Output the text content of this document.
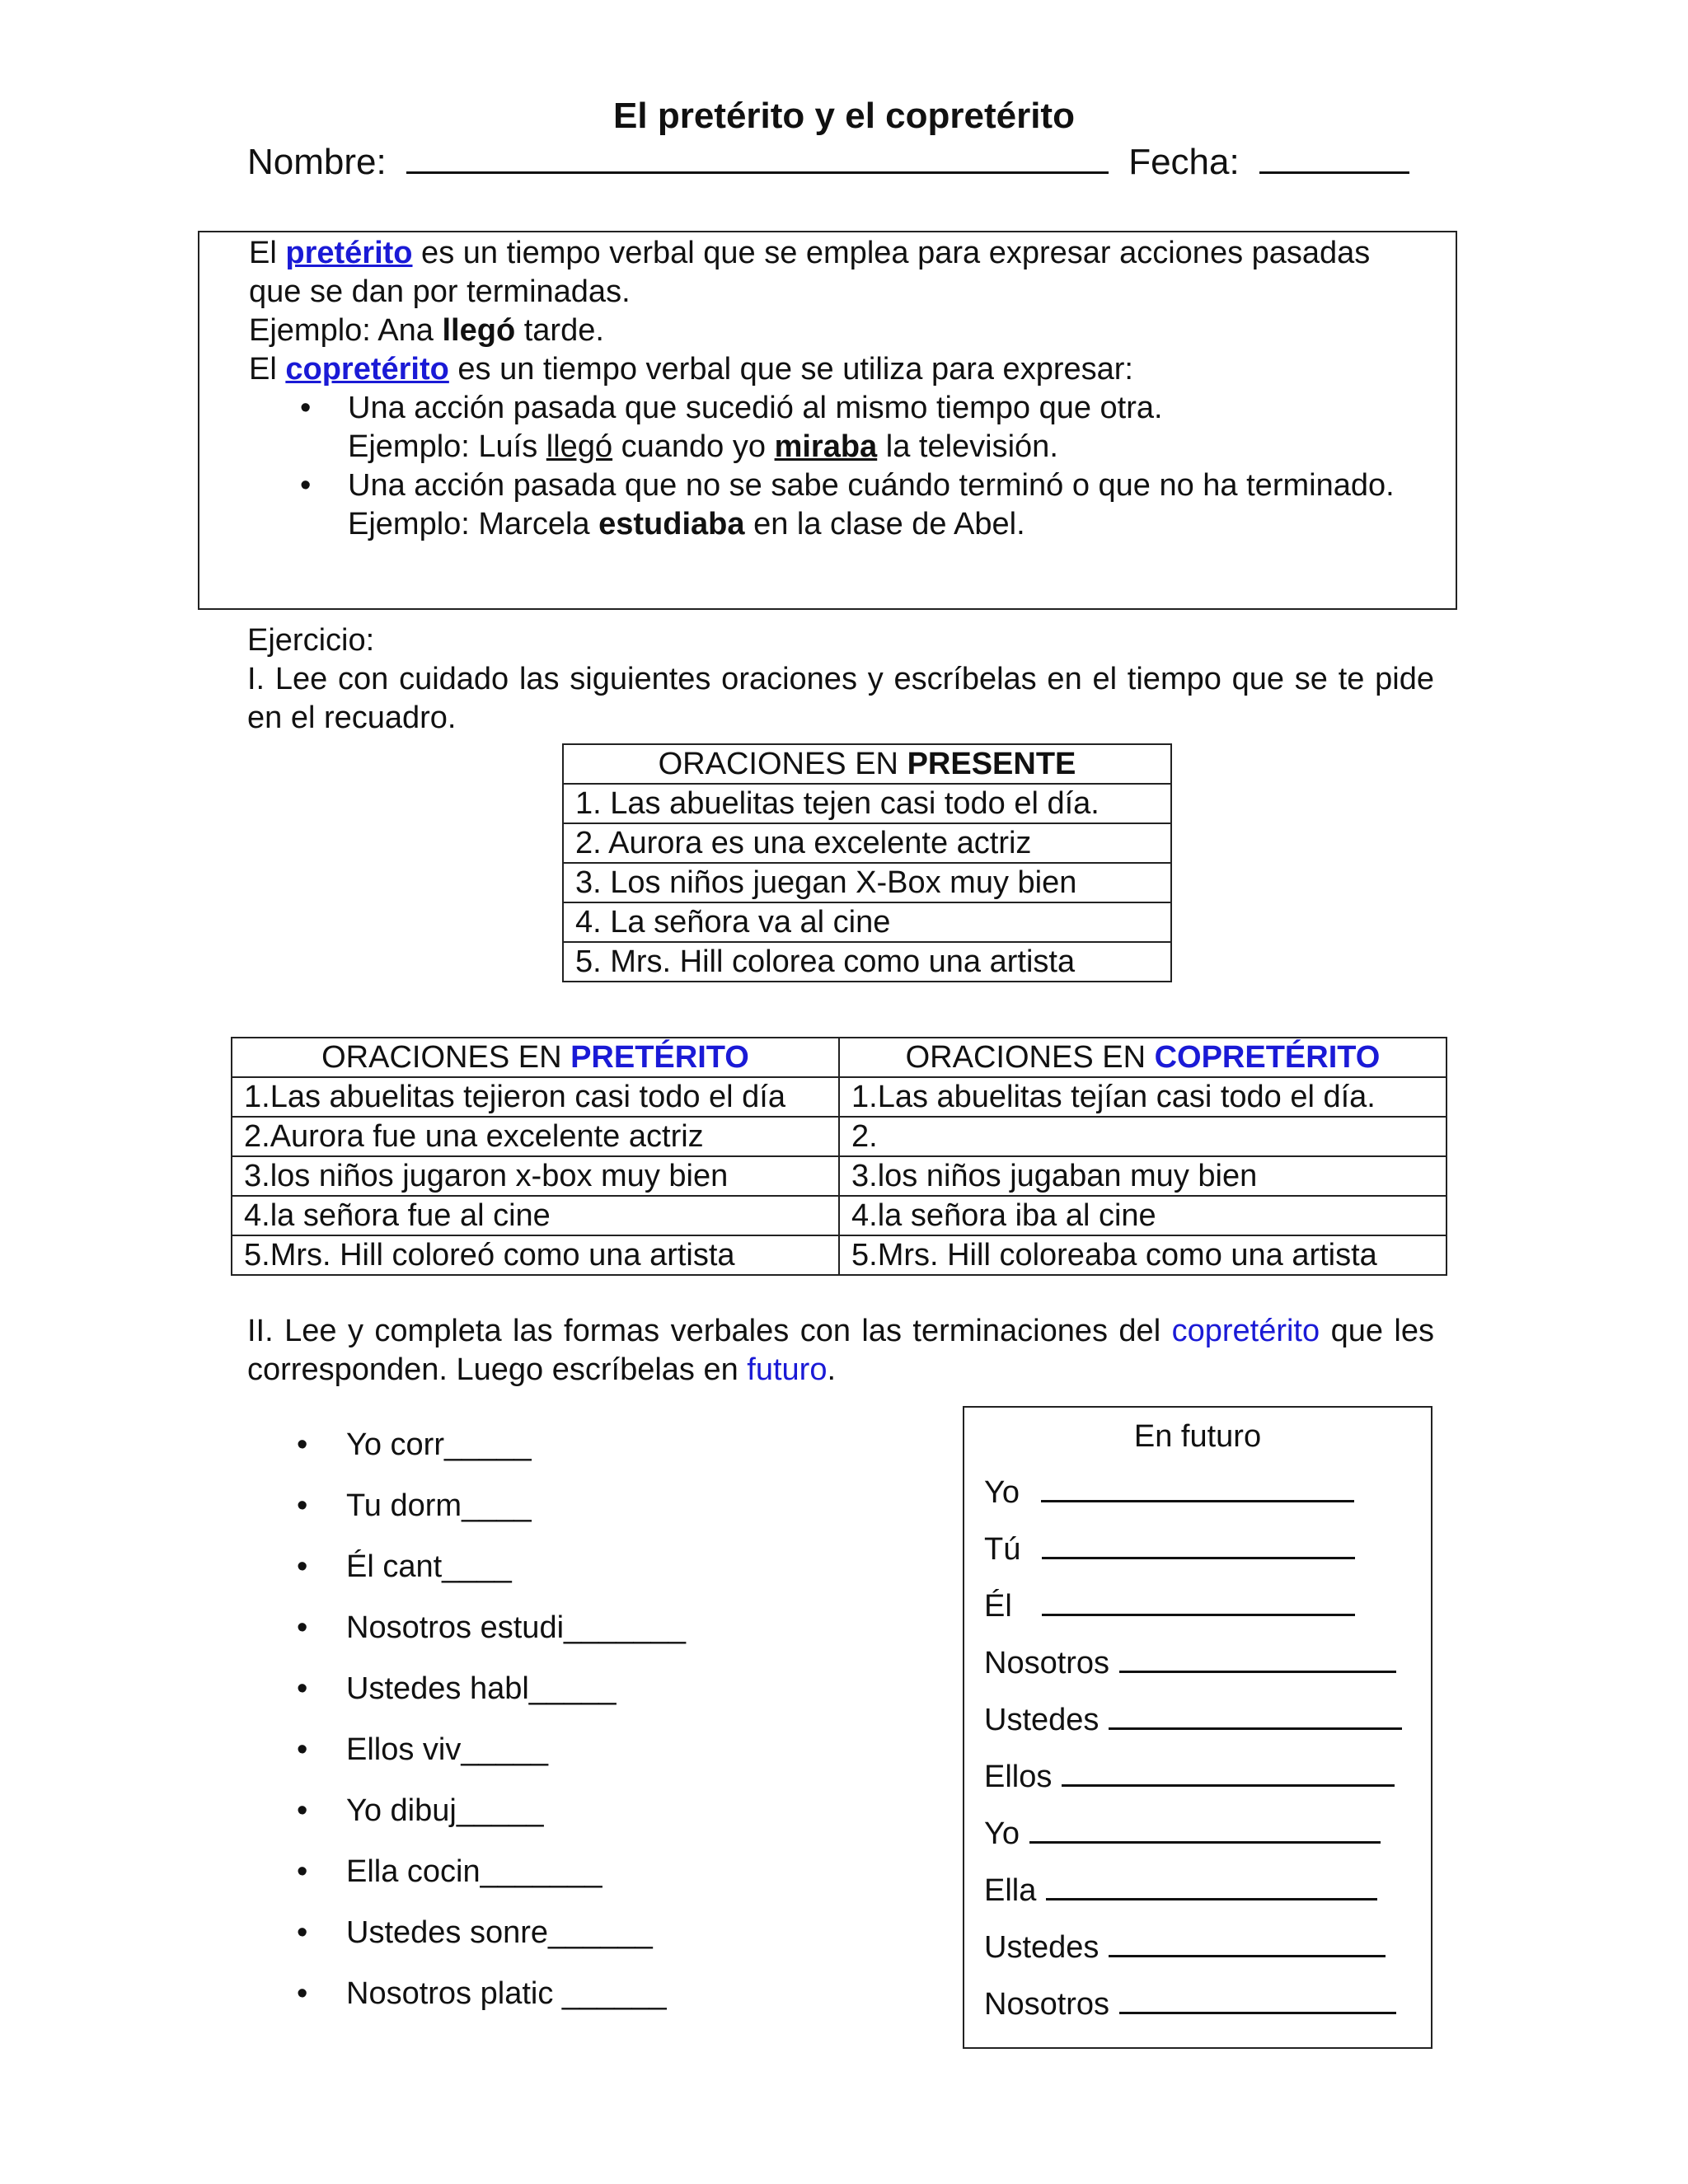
El pretérito y el copretérito
Nombre:	Fecha:

El pretérito es un tiempo verbal que se emplea para expresar acciones pasadas

que se dan por terminadas.

Ejemplo: Ana llegó tarde.

El copretérito es un tiempo verbal que se utiliza para expresar:

• Una acción pasada que sucedió al mismo tiempo que otra.
Ejemplo: Luís llegó cuando yo miraba la televisión.
• Una acción pasada que no se sabe cuándo terminó o que no ha terminado.
Ejemplo: Marcela estudiaba en la clase de Abel.

Ejercicio:

I. Lee con cuidado las siguientes oraciones y escríbelas en el tiempo que se te pide en el recuadro.

ORACIONES EN PRESENTE
1. Las abuelitas tejen casi todo el día.
2. Aurora es una excelente actriz
3. Los niños juegan X-Box muy bien
4. La señora va al cine
5. Mrs. Hill colorea como una artista
ORACIONES EN PRETÉRITO	ORACIONES EN COPRETÉRITO
1.Las abuelitas tejieron casi todo el día	1.Las abuelitas tejían casi todo el día.
2.Aurora fue una excelente actriz	2.
3.los niños jugaron x-box muy bien	3.los niños jugaban muy bien
4.la señora fue al cine	4.la señora iba al cine
5.Mrs. Hill coloreó como una artista	5.Mrs. Hill coloreaba como una artista

II. Lee y completa las formas verbales con las terminaciones del copretérito que les corresponden. Luego escríbelas en futuro.

• Yo corr_____
• Tu dorm____
• Él cant____
• Nosotros estudi_______
• Ustedes habl_____
• Ellos viv_____
• Yo dibuj_____
• Ella cocin_______
• Ustedes sonre______
• Nosotros platic ______
En futuro
Yo
Tú
Él
Nosotros
Ustedes
Ellos
Yo
Ella
Ustedes
Nosotros
